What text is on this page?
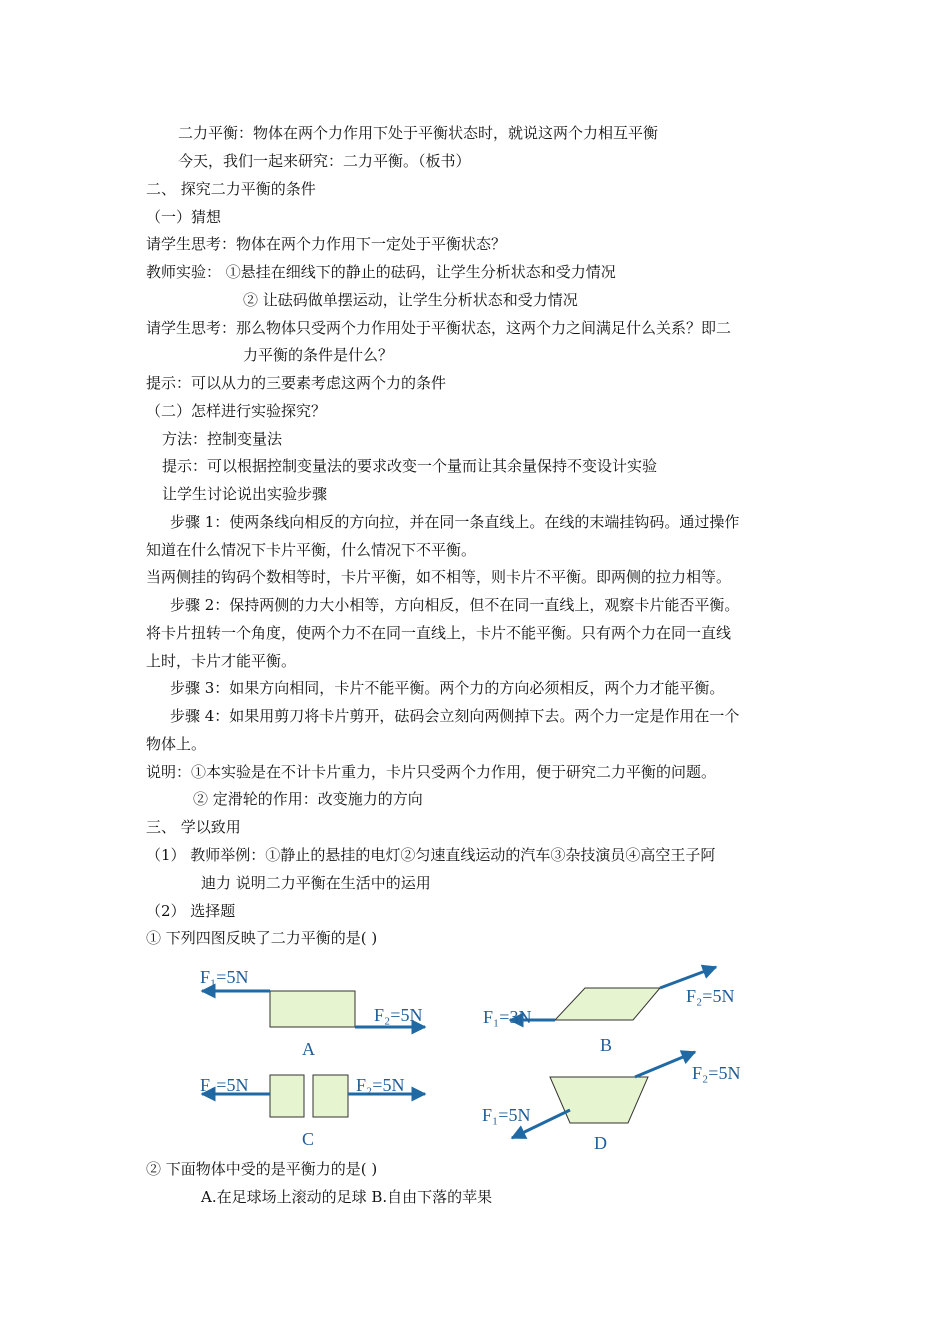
二力平衡：物体在两个力作用下处于平衡状态时，就说这两个力相互平衡
今天，我们一起来研究：二力平衡。（板书）
二、 探究二力平衡的条件
（一）猜想
请学生思考：物体在两个力作用下一定处于平衡状态？
教师实验： ①悬挂在细线下的静止的砝码，让学生分析状态和受力情况
② 让砝码做单摆运动，让学生分析状态和受力情况
请学生思考：那么物体只受两个力作用处于平衡状态，这两个力之间满足什么关系？即二
力平衡的条件是什么？
提示：可以从力的三要素考虑这两个力的条件
（二）怎样进行实验探究？
方法：控制变量法
提示：可以根据控制变量法的要求改变一个量而让其余量保持不变设计实验
让学生讨论说出实验步骤
步骤 1：使两条线向相反的方向拉，并在同一条直线上。在线的末端挂钩码。通过操作
知道在什么情况下卡片平衡，什么情况下不平衡。
当两侧挂的钩码个数相等时，卡片平衡，如不相等，则卡片不平衡。即两侧的拉力相等。
步骤 2：保持两侧的力大小相等，方向相反，但不在同一直线上，观察卡片能否平衡。
将卡片扭转一个角度，使两个力不在同一直线上，卡片不能平衡。只有两个力在同一直线
上时，卡片才能平衡。
步骤 3：如果方向相同，卡片不能平衡。两个力的方向必须相反，两个力才能平衡。
步骤 4：如果用剪刀将卡片剪开，砝码会立刻向两侧掉下去。两个力一定是作用在一个
物体上。
说明：①本实验是在不计卡片重力，卡片只受两个力作用，便于研究二力平衡的问题。
② 定滑轮的作用：改变施力的方向
三、 学以致用
（1） 教师举例：①静止的悬挂的电灯②匀速直线运动的汽车③杂技演员④高空王子阿
迪力 说明二力平衡在生活中的运用
（2） 选择题
① 下列四图反映了二力平衡的是( )
F₁=5N
F₂=5N
A
F₁=3N
F₂=5N
B
F₁=5N	F₂=5N
C
F₁=5N
F₂=5N
D
② 下面物体中受的是平衡力的是( )
A.在足球场上滚动的足球 B.自由下落的苹果
